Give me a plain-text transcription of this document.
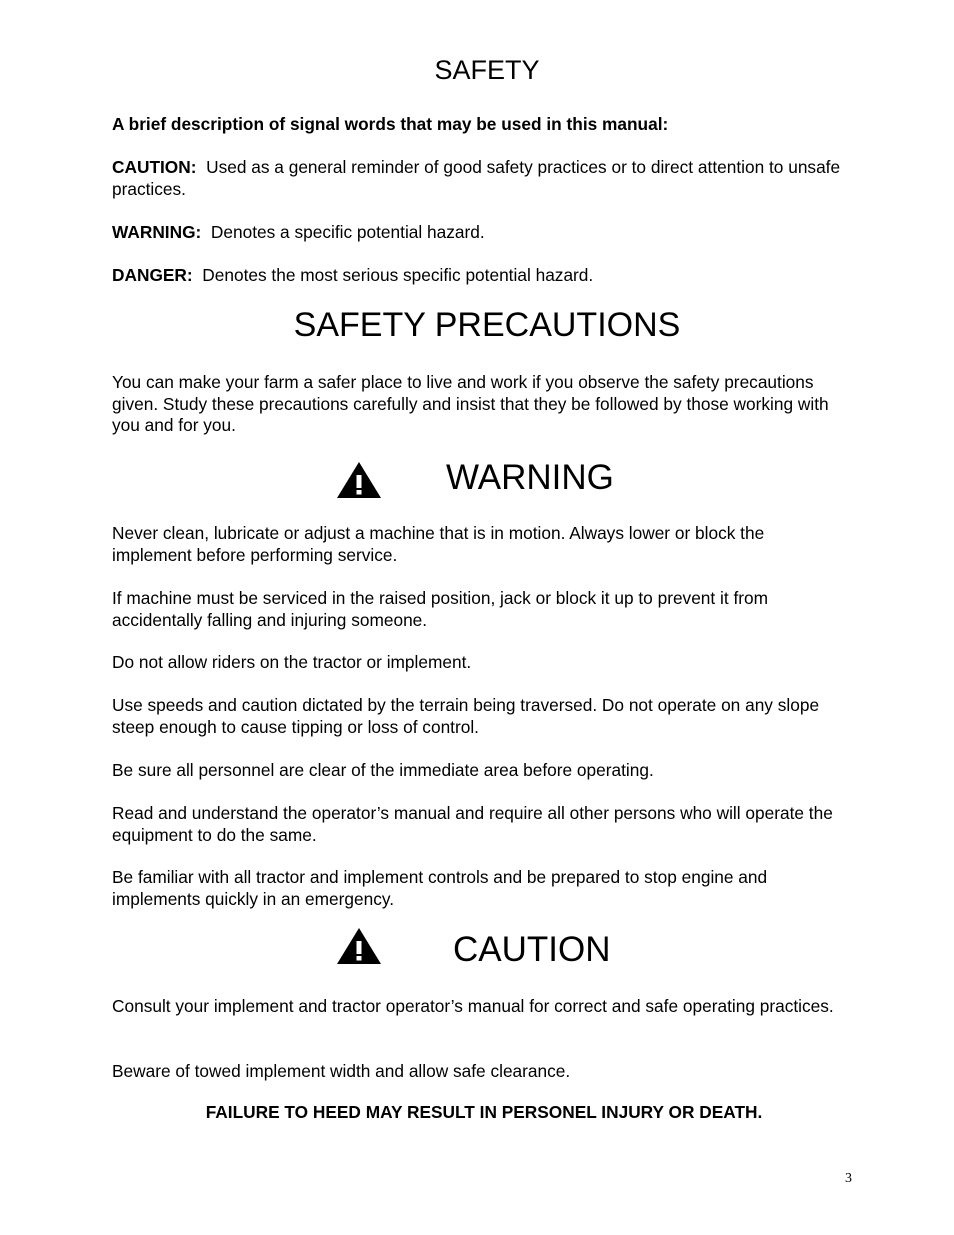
SAFETY
A brief description of signal words that may be used in this manual:
CAUTION: Used as a general reminder of good safety practices or to direct attention to unsafe practices.
WARNING: Denotes a specific potential hazard.
DANGER: Denotes the most serious specific potential hazard.
SAFETY PRECAUTIONS
You can make your farm a safer place to live and work if you observe the safety precautions given. Study these precautions carefully and insist that they be followed by those working with you and for you.
WARNING
Never clean, lubricate or adjust a machine that is in motion. Always lower or block the implement before performing service.
If machine must be serviced in the raised position, jack or block it up to prevent it from accidentally falling and injuring someone.
Do not allow riders on the tractor or implement.
Use speeds and caution dictated by the terrain being traversed. Do not operate on any slope steep enough to cause tipping or loss of control.
Be sure all personnel are clear of the immediate area before operating.
Read and understand the operator’s manual and require all other persons who will operate the equipment to do the same.
Be familiar with all tractor and implement controls and be prepared to stop engine and implements quickly in an emergency.
CAUTION
Consult your implement and tractor operator’s manual for correct and safe operating practices.
Beware of towed implement width and allow safe clearance.
FAILURE TO HEED MAY RESULT IN PERSONEL INJURY OR DEATH.
3
